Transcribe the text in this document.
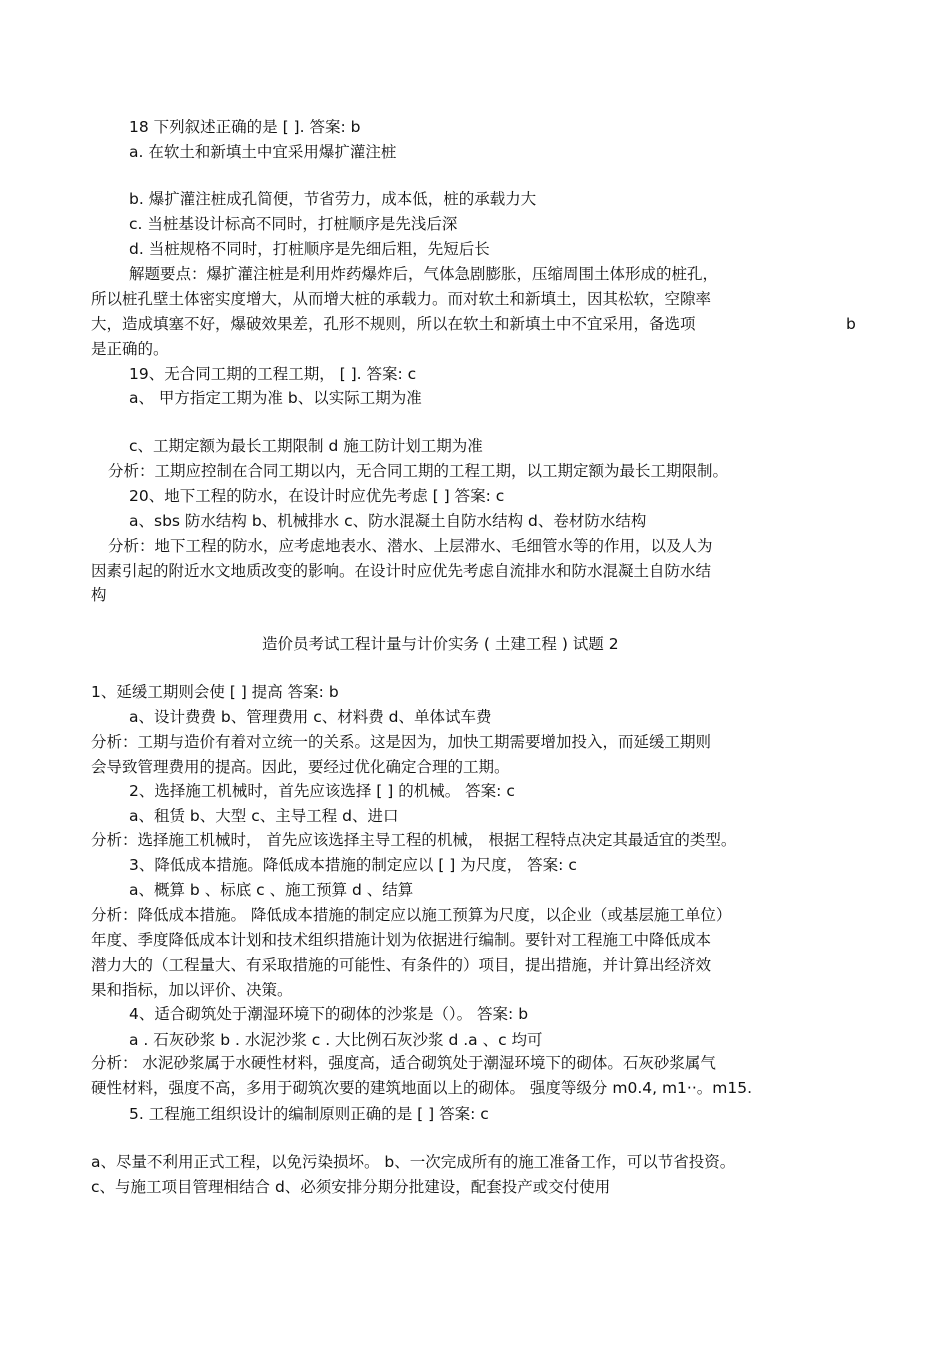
18 下列叙述正确的是 [ ]. 答案: b
a. 在软土和新填土中宜采用爆扩灌注桩
b. 爆扩灌注桩成孔简便，节省劳力，成本低，桩的承载力大
c. 当桩基设计标高不同时，打桩顺序是先浅后深
d. 当桩规格不同时，打桩顺序是先细后粗，先短后长
解题要点：爆扩灌注桩是利用炸药爆炸后，气体急剧膨胀，压缩周围土体形成的桩孔，
所以桩孔壁土体密实度增大，从而增大桩的承载力。而对软土和新填土，因其松软，空隙率
大，造成填塞不好，爆破效果差，孔形不规则，所以在软土和新填土中不宜采用，备选项	b
是正确的。
19、无合同工期的工程工期， [ ]. 答案: c
a、 甲方指定工期为准 b、以实际工期为准
c、工期定额为最长工期限制 d 施工防计划工期为准
分析：工期应控制在合同工期以内，无合同工期的工程工期，以工期定额为最长工期限制。
20、地下工程的防水，在设计时应优先考虑 [ ] 答案: c
a、sbs 防水结构 b、机械排水 c、防水混凝土自防水结构 d、卷材防水结构
分析：地下工程的防水，应考虑地表水、潜水、上层滞水、毛细管水等的作用，以及人为
因素引起的附近水文地质改变的影响。在设计时应优先考虑自流排水和防水混凝土自防水结
构
造价员考试工程计量与计价实务 ( 土建工程 ) 试题 2
1、延缓工期则会使 [ ] 提高 答案: b
a、设计费费 b、管理费用 c、材料费 d、单体试车费
分析：工期与造价有着对立统一的关系。这是因为，加快工期需要增加投入，而延缓工期则
会导致管理费用的提高。因此，要经过优化确定合理的工期。
2、选择施工机械时，首先应该选择 [ ] 的机械。 答案: c
a、租赁 b、大型 c、主导工程 d、进口
分析：选择施工机械时， 首先应该选择主导工程的机械， 根据工程特点决定其最适宜的类型。
3、降低成本措施。降低成本措施的制定应以 [ ] 为尺度， 答案: c
a、概算 b 、标底 c 、施工预算 d 、结算
分析：降低成本措施。 降低成本措施的制定应以施工预算为尺度，以企业（或基层施工单位）
年度、季度降低成本计划和技术组织措施计划为依据进行编制。要针对工程施工中降低成本
潜力大的（工程量大、有采取措施的可能性、有条件的）项目，提出措施，并计算出经济效
果和指标，加以评价、决策。
4、适合砌筑处于潮湿环境下的砌体的沙浆是（）。 答案: b
a . 石灰砂浆 b . 水泥沙浆 c . 大比例石灰沙浆 d .a 、c 均可
分析： 水泥砂浆属于水硬性材料，强度高，适合砌筑处于潮湿环境下的砌体。石灰砂浆属气
硬性材料，强度不高，多用于砌筑次要的建筑地面以上的砌体。 强度等级分 m0.4, m1··。m15.
5. 工程施工组织设计的编制原则正确的是 [ ] 答案: c
a、尽量不利用正式工程，以免污染损坏。 b、一次完成所有的施工准备工作，可以节省投资。
c、与施工项目管理相结合 d、必须安排分期分批建设，配套投产或交付使用
